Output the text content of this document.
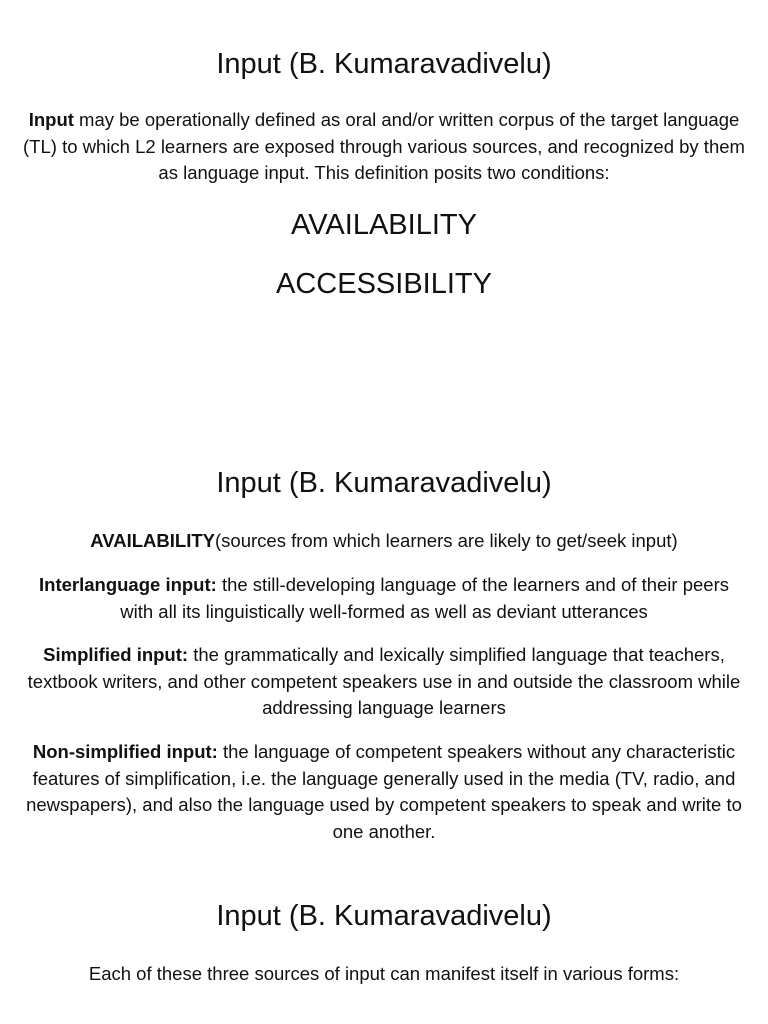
Input (B. Kumaravadivelu)

Input may be operationally defined as oral and/or written corpus of the target language (TL) to which L2 learners are exposed through various sources, and recognized by them as language input. This definition posits two conditions:

AVAILABILITY
ACCESSIBILITY
Input (B. Kumaravadivelu)

AVAILABILITY(sources from which learners are likely to get/seek input)

Interlanguage input: the still-developing language of the learners and of their peers with all its linguistically well-formed as well as deviant utterances

Simplified input: the grammatically and lexically simplified language that teachers, textbook writers, and other competent speakers use in and outside the classroom while addressing language learners

Non-simplified input: the language of competent speakers without any characteristic features of simplification, i.e. the language generally used in the media (TV, radio, and newspapers), and also the language used by competent speakers to speak and write to one another.

Input (B. Kumaravadivelu)

Each of these three sources of input can manifest itself in various forms:
